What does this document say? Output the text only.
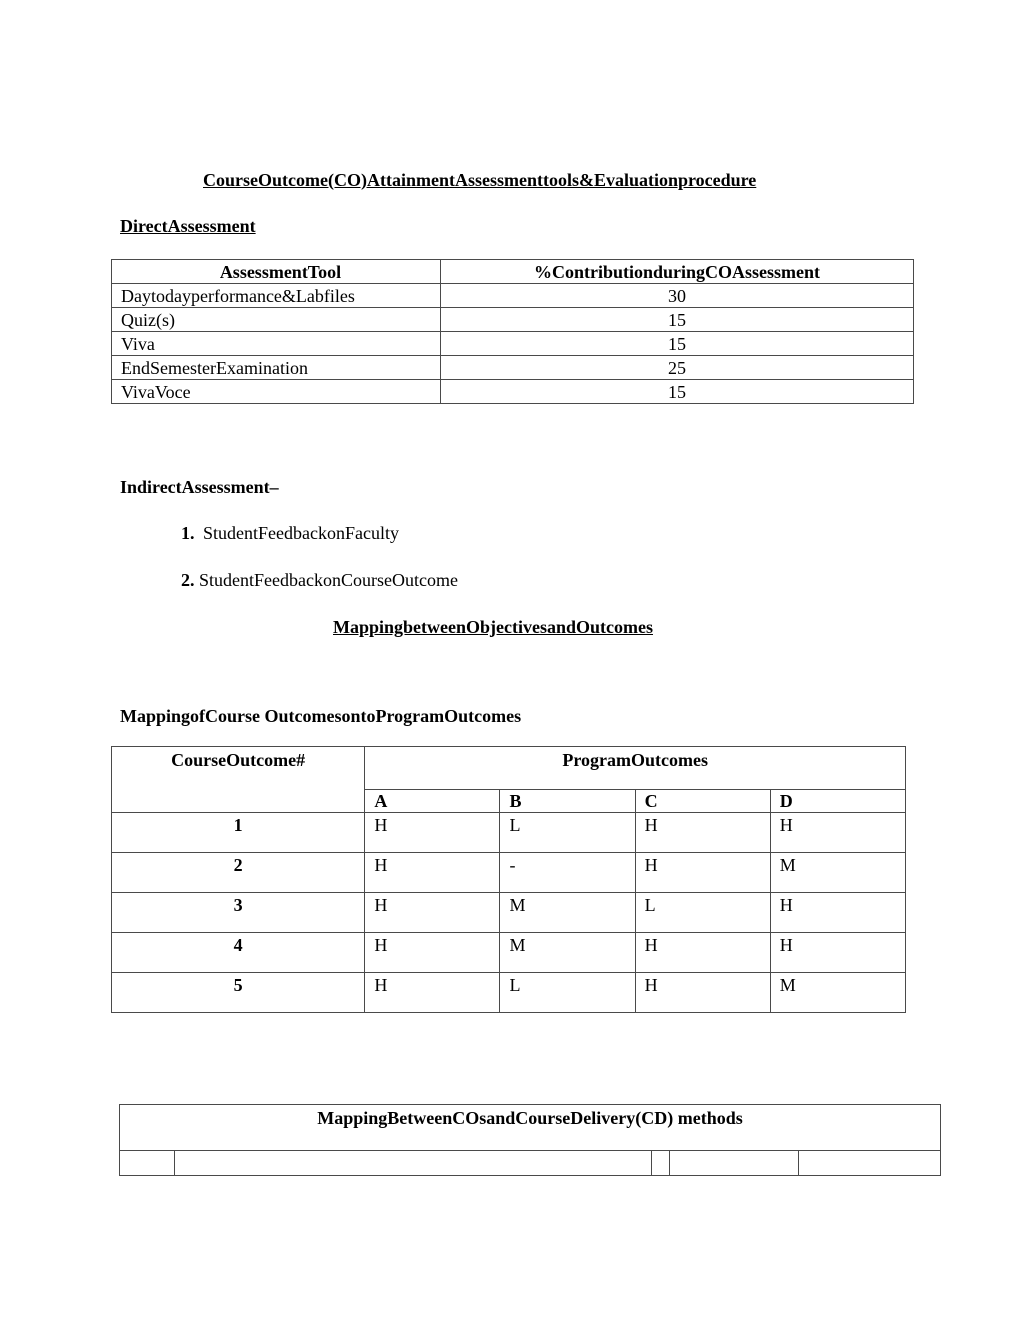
CourseOutcome(CO)AttainmentAssessmenttools&Evaluationprocedure
DirectAssessment
AssessmentTool	%ContributionduringCOAssessment
Daytodayperformance&Labfiles	30
Quiz(s)	15
Viva	15
EndSemesterExamination	25
VivaVoce	15
IndirectAssessment–
1. StudentFeedbackonFaculty
2. StudentFeedbackonCourseOutcome
MappingbetweenObjectivesandOutcomes
MappingofCourse OutcomesontoProgramOutcomes
CourseOutcome#	ProgramOutcomes			
	A	B	C	D
1	H	L	H	H
2	H	-	H	M
3	H	M	L	H
4	H	M	H	H
5	H	L	H	M
MappingBetweenCOsandCourseDelivery(CD) methods
